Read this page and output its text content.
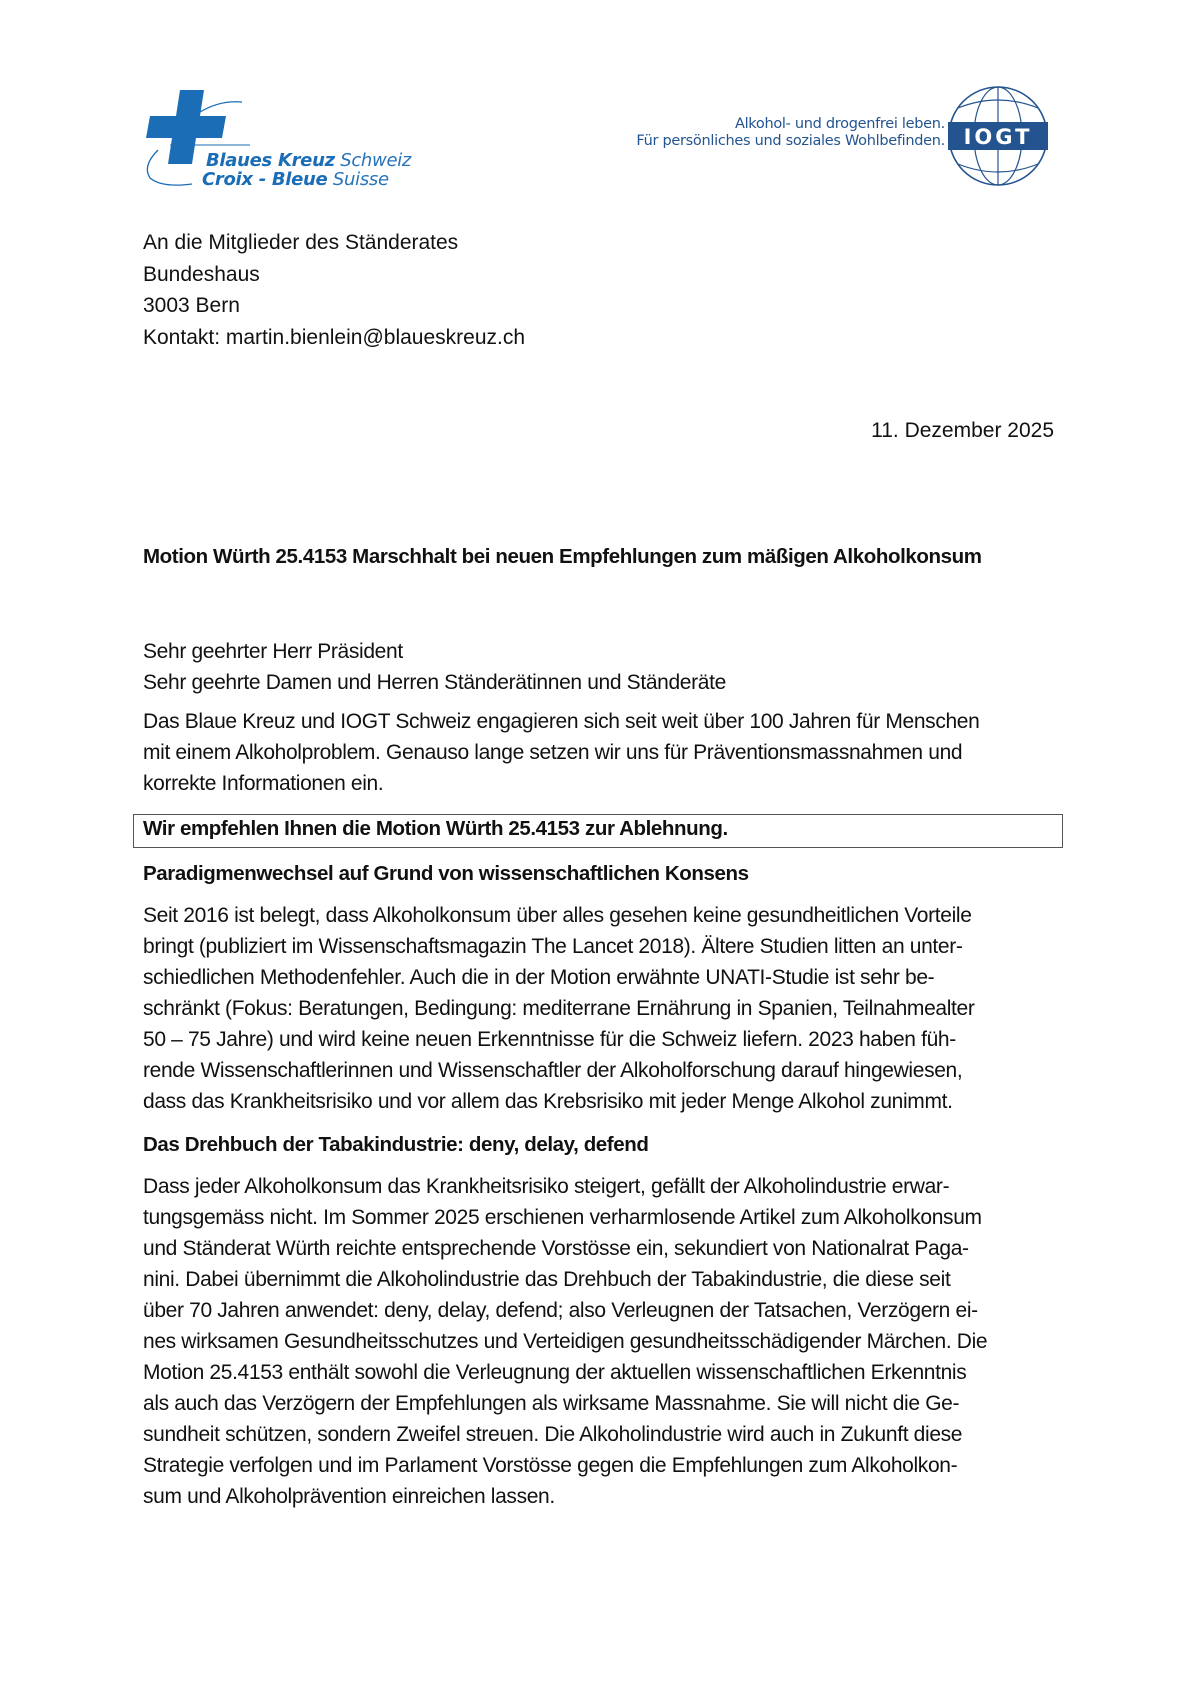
Blaues Kreuz Schweiz
Croix - Bleue Suisse
Alkohol- und drogenfrei leben.
Für persönliches und soziales Wohlbefinden. IOGT
An die Mitglieder des Ständerates
Bundeshaus
3003 Bern
Kontakt: martin.bienlein@blaueskreuz.ch
11. Dezember 2025
Motion Würth 25.4153 Marschhalt bei neuen Empfehlungen zum mäßigen Alkoholkonsum
Sehr geehrter Herr Präsident
Sehr geehrte Damen und Herren Ständerätinnen und Ständeräte
Das Blaue Kreuz und IOGT Schweiz engagieren sich seit weit über 100 Jahren für Menschen
mit einem Alkoholproblem. Genauso lange setzen wir uns für Präventionsmassnahmen und
korrekte Informationen ein.
Wir empfehlen Ihnen die Motion Würth 25.4153 zur Ablehnung.
Paradigmenwechsel auf Grund von wissenschaftlichen Konsens
Seit 2016 ist belegt, dass Alkoholkonsum über alles gesehen keine gesundheitlichen Vorteile
bringt (publiziert im Wissenschaftsmagazin The Lancet 2018). Ältere Studien litten an unter-
schiedlichen Methodenfehler. Auch die in der Motion erwähnte UNATI-Studie ist sehr be-
schränkt (Fokus: Beratungen, Bedingung: mediterrane Ernährung in Spanien, Teilnahmealter
50 – 75 Jahre) und wird keine neuen Erkenntnisse für die Schweiz liefern. 2023 haben füh-
rende Wissenschaftlerinnen und Wissenschaftler der Alkoholforschung darauf hingewiesen,
dass das Krankheitsrisiko und vor allem das Krebsrisiko mit jeder Menge Alkohol zunimmt.
Das Drehbuch der Tabakindustrie: deny, delay, defend
Dass jeder Alkoholkonsum das Krankheitsrisiko steigert, gefällt der Alkoholindustrie erwar-
tungsgemäss nicht. Im Sommer 2025 erschienen verharmlosende Artikel zum Alkoholkonsum
und Ständerat Würth reichte entsprechende Vorstösse ein, sekundiert von Nationalrat Paga-
nini. Dabei übernimmt die Alkoholindustrie das Drehbuch der Tabakindustrie, die diese seit
über 70 Jahren anwendet: deny, delay, defend; also Verleugnen der Tatsachen, Verzögern ei-
nes wirksamen Gesundheitsschutzes und Verteidigen gesundheitsschädigender Märchen. Die
Motion 25.4153 enthält sowohl die Verleugnung der aktuellen wissenschaftlichen Erkenntnis
als auch das Verzögern der Empfehlungen als wirksame Massnahme. Sie will nicht die Ge-
sundheit schützen, sondern Zweifel streuen. Die Alkoholindustrie wird auch in Zukunft diese
Strategie verfolgen und im Parlament Vorstösse gegen die Empfehlungen zum Alkoholkon-
sum und Alkoholprävention einreichen lassen.
